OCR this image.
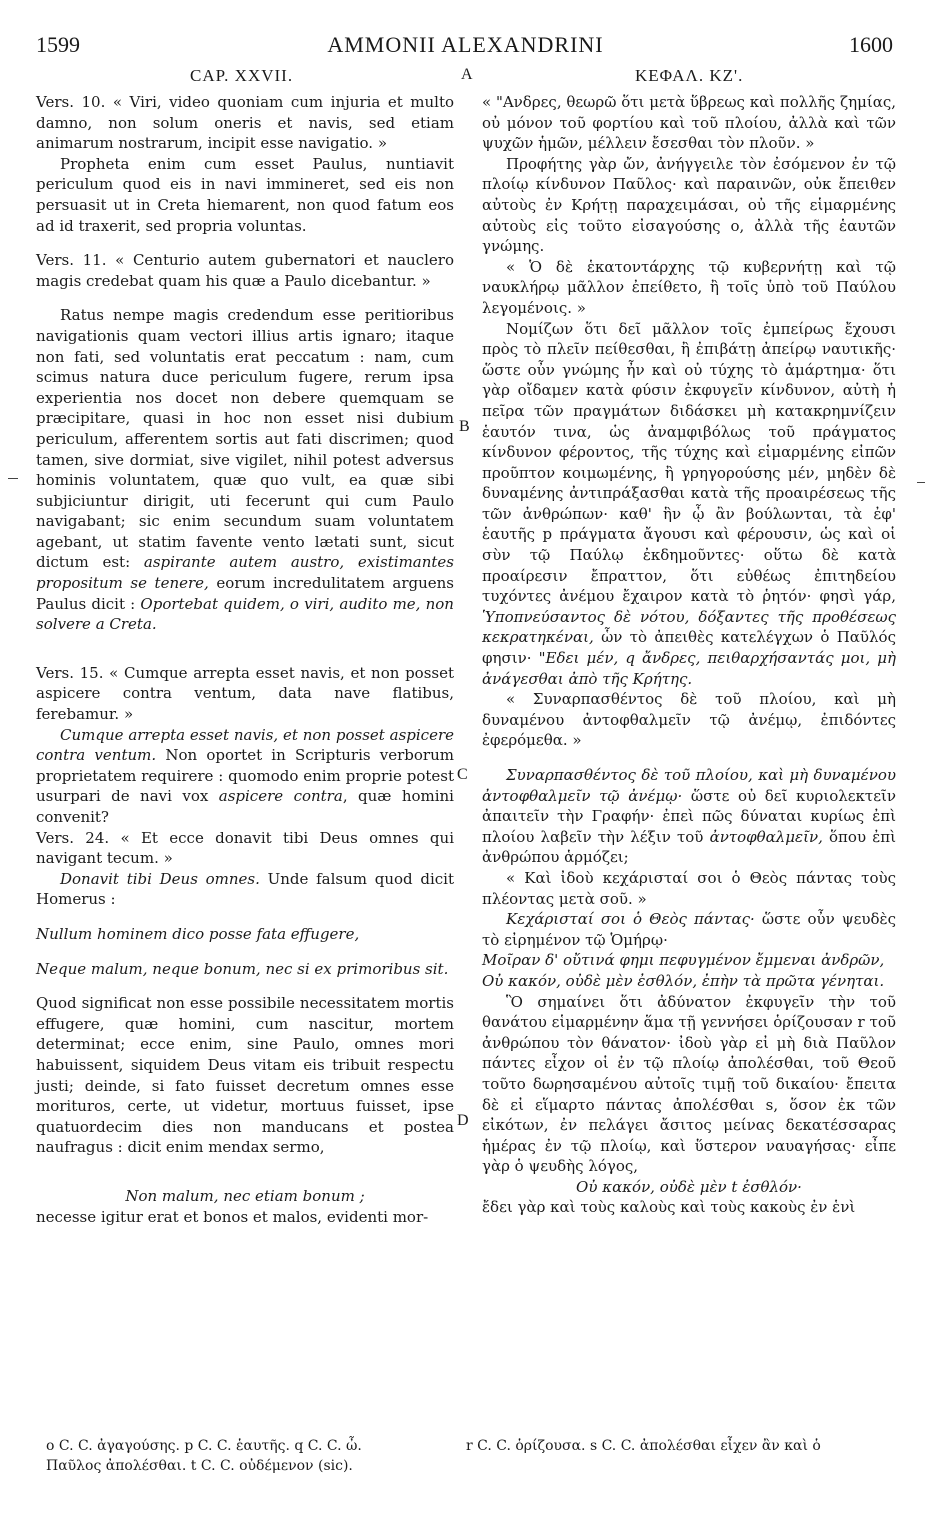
1599	AMMONII ALEXANDRINI	1600
CAP. XXVII.	ΚΕΦΑΛ. ΚΖ'.
A
B
C
D

Vers. 10. « Viri, video quoniam cum injuria et multo damno, non solum oneris et navis, sed etiam animarum nostrarum, incipit esse navigatio. »

Propheta enim cum esset Paulus, nuntiavit periculum quod eis in navi immineret, sed eis non persuasit ut in Creta hiemarent, non quod fatum eos ad id traxerit, sed propria voluntas.

Vers. 11. « Centurio autem gubernatori et nauclero magis credebat quam his quæ a Paulo dicebantur. »

Ratus nempe magis credendum esse peritioribus navigationis quam vectori illius artis ignaro; itaque non fati, sed voluntatis erat peccatum : nam, cum scimus natura duce periculum fugere, rerum ipsa experientia nos docet non debere quemquam se præcipitare, quasi in hoc non esset nisi dubium periculum, afferentem sortis aut fati discrimen; quod tamen, sive dormiat, sive vigilet, nihil potest adversus hominis voluntatem, quæ quo vult, ea quæ sibi subjiciuntur dirigit, uti fecerunt qui cum Paulo navigabant; sic enim secundum suam voluntatem agebant, ut statim favente vento lætati sunt, sicut dictum est: aspirante autem austro, existimantes propositum se tenere, eorum incredulitatem arguens Paulus dicit : Oportebat quidem, o viri, audito me, non solvere a Creta.

Vers. 15. « Cumque arrepta esset navis, et non posset aspicere contra ventum, data nave flatibus, ferebamur. »

Cumque arrepta esset navis, et non posset aspicere contra ventum. Non oportet in Scripturis verborum proprietatem requirere : quomodo enim proprie potest usurpari de navi vox aspicere contra, quæ homini convenit?

Vers. 24. « Et ecce donavit tibi Deus omnes qui navigant tecum. »

Donavit tibi Deus omnes. Unde falsum quod dicit Homerus :

Nullum hominem dico posse fata effugere,

Neque malum, neque bonum, nec si ex primoribus sit.

Quod significat non esse possibile necessitatem mortis effugere, quæ homini, cum nascitur, mortem determinat; ecce enim, sine Paulo, omnes mori habuissent, siquidem Deus vitam eis tribuit respectu justi; deinde, si fato fuisset decretum omnes esse morituros, certe, ut videtur, mortuus fuisset, ipse quatuordecim dies non manducans et postea naufragus : dicit enim mendax sermo,

Non malum, nec etiam bonum ;

necesse igitur erat et bonos et malos, evidenti mor-

« "Ανδρες, θεωρῶ ὅτι μετὰ ὕβρεως καὶ πολλῆς ζημίας, οὐ μόνον τοῦ φορτίου καὶ τοῦ πλοίου, ἀλλὰ καὶ τῶν ψυχῶν ἡμῶν, μέλλειν ἔσεσθαι τὸν πλοῦν. »

Προφήτης γὰρ ὤν, ἀνήγγειλε τὸν ἐσόμενον ἐν τῷ πλοίῳ κίνδυνον Παῦλος· καὶ παραινῶν, οὐκ ἔπειθεν αὐτοὺς ἐν Κρήτῃ παραχειμάσαι, οὐ τῆς εἱμαρμένης αὐτοὺς εἰς τοῦτο εἰσαγούσης ο, ἀλλὰ τῆς ἑαυτῶν γνώμης.

« Ὁ δὲ ἑκατοντάρχης τῷ κυβερνήτῃ καὶ τῷ ναυκλήρῳ μᾶλλον ἐπείθετο, ἢ τοῖς ὑπὸ τοῦ Παύλου λεγομένοις. »

Νομίζων ὅτι δεῖ μᾶλλον τοῖς ἐμπείρως ἔχουσι πρὸς τὸ πλεῖν πείθεσθαι, ἢ ἐπιβάτῃ ἀπείρῳ ναυτικῆς· ὥστε οὖν γνώμης ἦν καὶ οὐ τύχης τὸ ἁμάρτημα· ὅτι γὰρ οἴδαμεν κατὰ φύσιν ἐκφυγεῖν κίνδυνον, αὐτὴ ἡ πεῖρα τῶν πραγμάτων διδάσκει μὴ κατακρημνίζειν ἑαυτόν τινα, ὡς ἀναμφιβόλως τοῦ πράγματος κίνδυνον φέροντος, τῆς τύχης καὶ εἱμαρμένης εἰπῶν προῦπτον κοιμωμένης, ἢ γρηγορούσης μέν, μηδὲν δὲ δυναμένης ἀντιπράξασθαι κατὰ τῆς προαιρέσεως τῆς τῶν ἀνθρώπων· καθ' ἣν ᾧ ἂν βούλωνται, τὰ ἐφ' ἑαυτῆς p πράγματα ἄγουσι καὶ φέρουσιν, ὡς καὶ οἱ σὺν τῷ Παύλῳ ἐκδημοῦντες· οὕτω δὲ κατὰ προαίρεσιν ἔπραττον, ὅτι εὐθέως ἐπιτηδείου τυχόντες ἀνέμου ἔχαιρον κατὰ τὸ ῥητόν· φησὶ γάρ, Ὑποπνεύσαντος δὲ νότου, δόξαντες τῆς προθέσεως κεκρατηκέναι, ὧν τὸ ἀπειθὲς κατελέγχων ὁ Παῦλός φησιν· "Εδει μέν, q ἄνδρες, πειθαρχήσαντάς μοι, μὴ ἀνάγεσθαι ἀπὸ τῆς Κρήτης.

« Συναρπασθέντος δὲ τοῦ πλοίου, καὶ μὴ δυναμένου ἀντοφθαλμεῖν τῷ ἀνέμῳ, ἐπιδόντες ἐφερόμεθα. »

Συναρπασθέντος δὲ τοῦ πλοίου, καὶ μὴ δυναμένου ἀντοφθαλμεῖν τῷ ἀνέμῳ· ὥστε οὐ δεῖ κυριολεκτεῖν ἀπαιτεῖν τὴν Γραφήν· ἐπεὶ πῶς δύναται κυρίως ἐπὶ πλοίου λαβεῖν τὴν λέξιν τοῦ ἀντοφθαλμεῖν, ὅπου ἐπὶ ἀνθρώπου ἁρμόζει;

« Καὶ ἰδοὺ κεχάρισταί σοι ὁ Θεὸς πάντας τοὺς πλέοντας μετὰ σοῦ. »

Κεχάρισταί σοι ὁ Θεὸς πάντας· ὥστε οὖν ψευδὲς τὸ εἰρημένον τῷ Ὁμήρῳ·

Μοῖραν δ' οὔτινά φημι πεφυγμένον ἔμμεναι ἀνδρῶν,

Οὐ κακόν, οὐδὲ μὲν ἐσθλόν, ἐπὴν τὰ πρῶτα γένηται.

Ὃ σημαίνει ὅτι ἀδύνατον ἐκφυγεῖν τὴν τοῦ θανάτου εἱμαρμένην ἅμα τῇ γεννήσει ὁρίζουσαν r τοῦ ἀνθρώπου τὸν θάνατον· ἰδοὺ γὰρ εἰ μὴ διὰ Παῦλον πάντες εἶχον οἱ ἐν τῷ πλοίῳ ἀπολέσθαι, τοῦ Θεοῦ τοῦτο δωρησαμένου αὐτοῖς τιμῇ τοῦ δικαίου· ἔπειτα δὲ εἰ εἵμαρτο πάντας ἀπολέσθαι s, ὅσον ἐκ τῶν εἰκότων, ἐν πελάγει ἄσιτος μείνας δεκατέσσαρας ἡμέρας ἐν τῷ πλοίῳ, καὶ ὕστερον ναυαγήσας· εἶπε γὰρ ὁ ψευδὴς λόγος,

Οὐ κακόν, οὐδὲ μὲν t ἐσθλόν·

ἔδει γὰρ καὶ τοὺς καλοὺς καὶ τοὺς κακοὺς ἐν ἑνὶ

o C. C. ἀγαγούσης. p C. C. ἑαυτῆς. q C. C. ὦ.
Παῦλος ἀπολέσθαι. t C. C. οὐδέμενον (sic).
r C. C. ὁρίζουσα. s C. C. ἀπολέσθαι εἶχεν ἂν καὶ ὁ
